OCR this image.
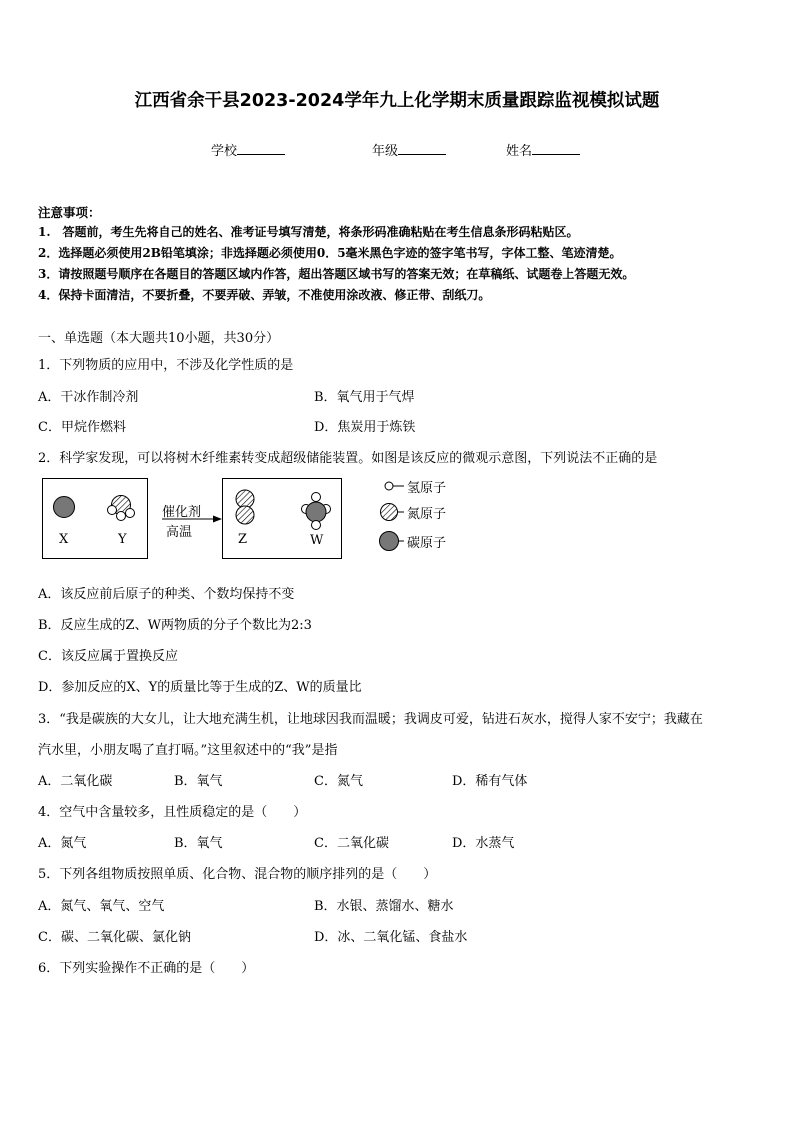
江西省余干县2023-2024学年九上化学期末质量跟踪监视模拟试题
学校	年级	姓名
注意事项：
1.　答题前，考生先将自己的姓名、准考证号填写清楚，将条形码准确粘贴在考生信息条形码粘贴区。
2．选择题必须使用2B铅笔填涂；非选择题必须使用0．5毫米黑色字迹的签字笔书写，字体工整、笔迹清楚。
3．请按照题号顺序在各题目的答题区域内作答，超出答题区域书写的答案无效；在草稿纸、试题卷上答题无效。
4．保持卡面清洁，不要折叠，不要弄破、弄皱，不准使用涂改液、修正带、刮纸刀。
一、单选题（本大题共10小题，共30分）
1．下列物质的应用中，不涉及化学性质的是
A．干冰作制冷剂	B．氧气用于气焊
C．甲烷作燃料	D．焦炭用于炼铁
2．科学家发现，可以将树木纤维素转变成超级储能装置。如图是该反应的微观示意图，下列说法不正确的是
X	Y	Z	W
催化剂
高温
氢原子
氮原子
碳原子
A．该反应前后原子的种类、个数均保持不变
B．反应生成的Z、W两物质的分子个数比为2:3
C．该反应属于置换反应
D．参加反应的X、Y的质量比等于生成的Z、W的质量比
3．“我是碳族的大女儿，让大地充满生机，让地球因我而温暖；我调皮可爱，钻进石灰水，搅得人家不安宁；我藏在
汽水里，小朋友喝了直打嗝。”这里叙述中的“我”是指
A．二氧化碳	B．氧气	C．氮气	D．稀有气体
4．空气中含量较多，且性质稳定的是（　　）
A．氮气	B．氧气	C．二氧化碳	D．水蒸气
5．下列各组物质按照单质、化合物、混合物的顺序排列的是（　　）
A．氮气、氧气、空气	B．水银、蒸馏水、糖水
C．碳、二氧化碳、氯化钠	D．冰、二氧化锰、食盐水
6．下列实验操作不正确的是（　　）
